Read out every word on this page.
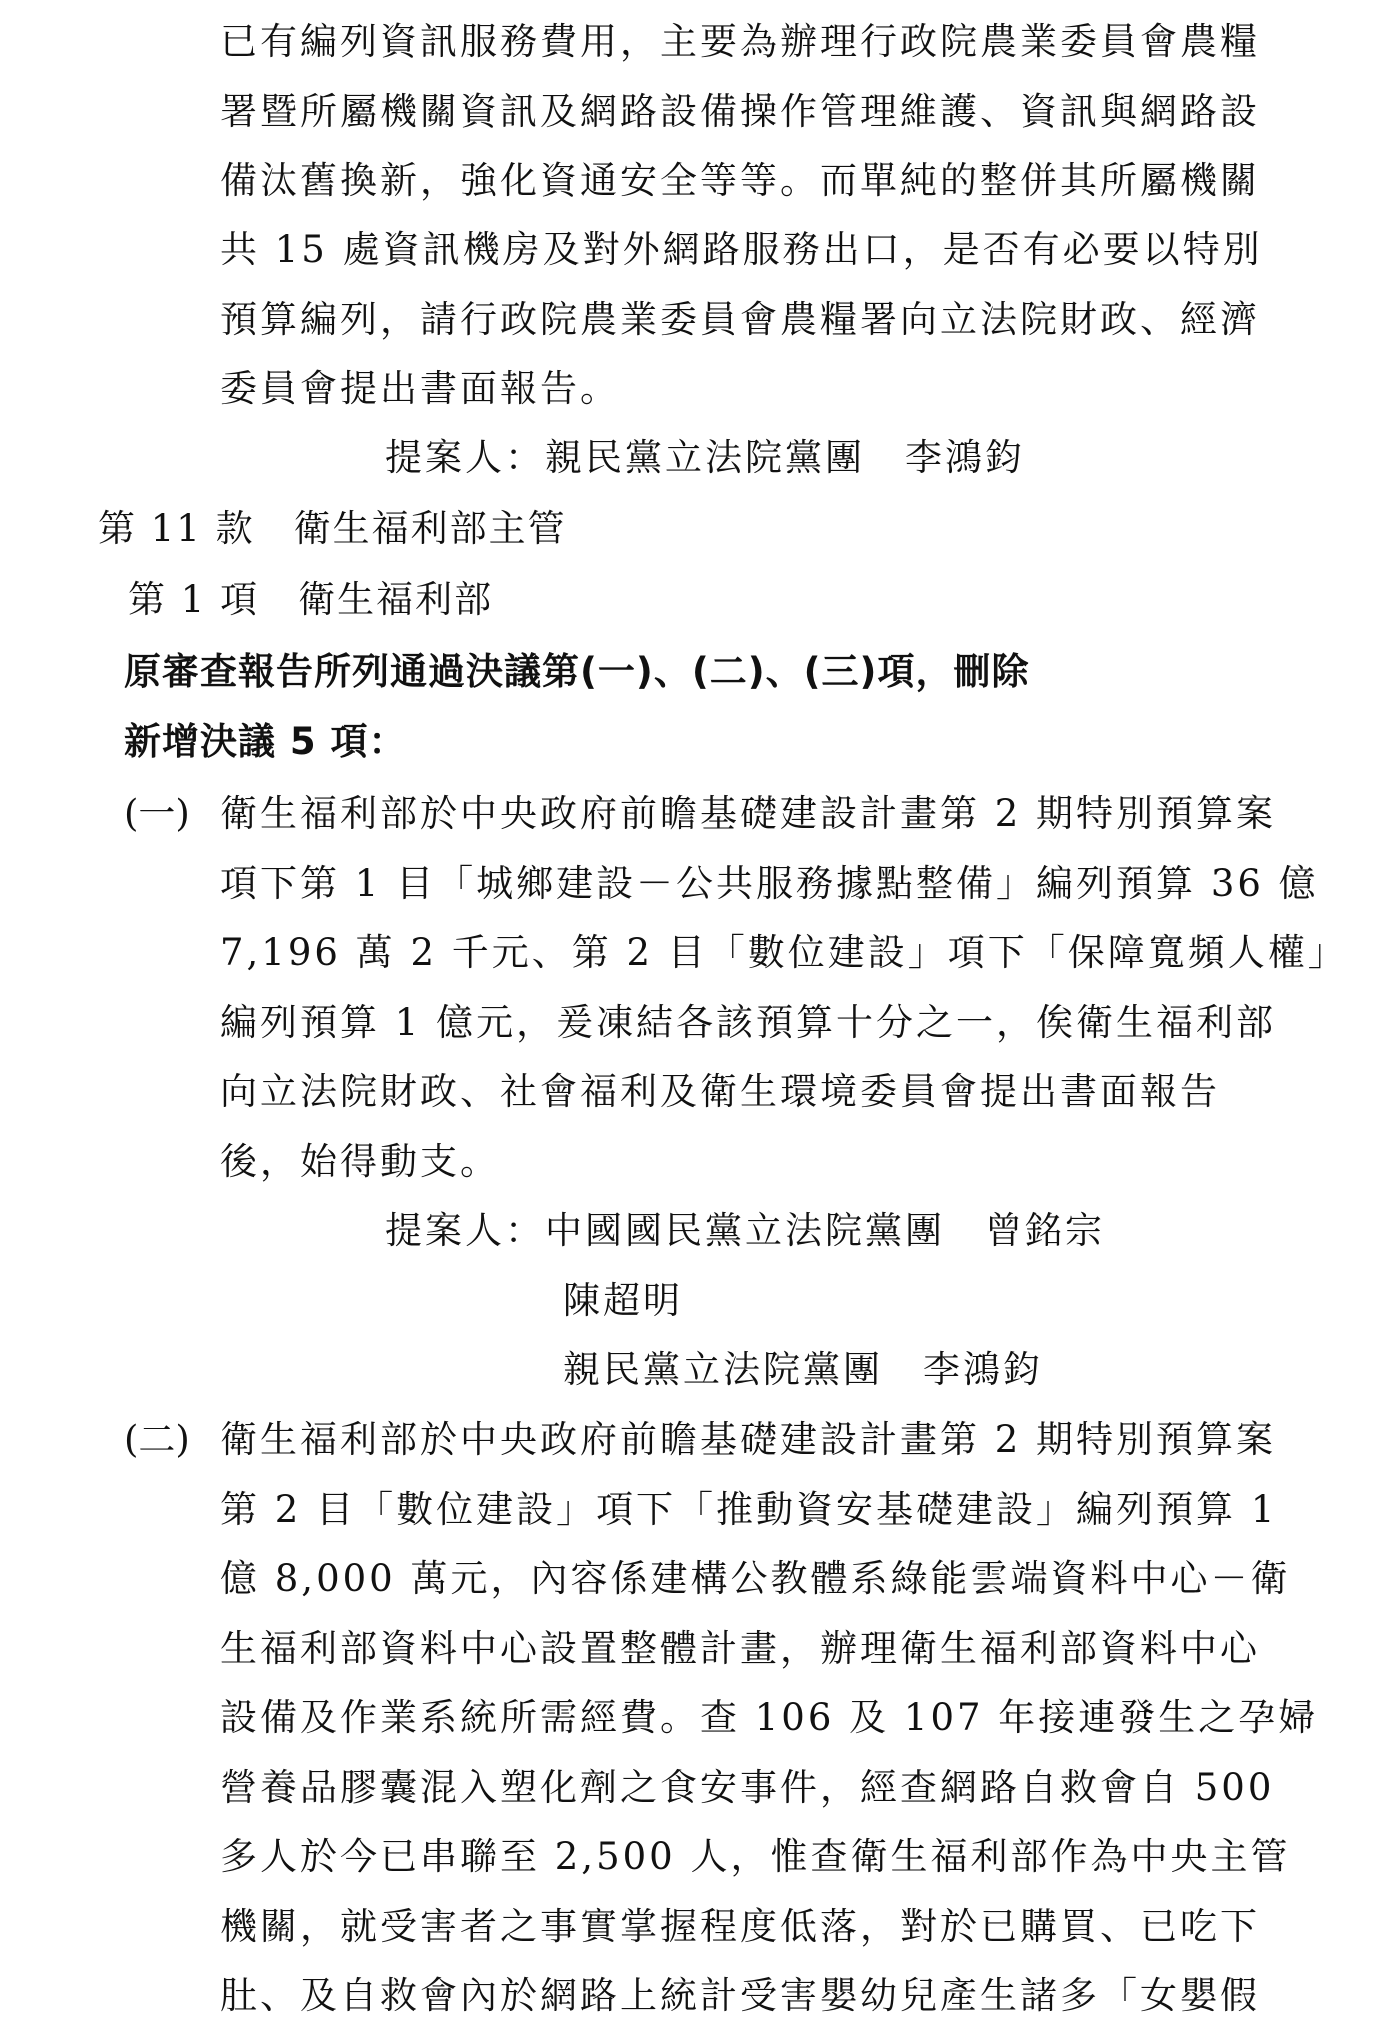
已有編列資訊服務費用，主要為辦理行政院農業委員會農糧
署暨所屬機關資訊及網路設備操作管理維護、資訊與網路設
備汰舊換新，強化資通安全等等。而單純的整併其所屬機關
共 15 處資訊機房及對外網路服務出口，是否有必要以特別
預算編列，請行政院農業委員會農糧署向立法院財政、經濟
委員會提出書面報告。
提案人：親民黨立法院黨團　李鴻鈞
第 11 款　衛生福利部主管
第 1 項　衛生福利部
原審查報告所列通過決議第(一)、(二)、(三)項，刪除
新增決議 5 項：
(一) 衛生福利部於中央政府前瞻基礎建設計畫第 2 期特別預算案
項下第 1 目「城鄉建設－公共服務據點整備」編列預算 36 億
7,196 萬 2 千元、第 2 目「數位建設」項下「保障寬頻人權」
編列預算 1 億元，爰凍結各該預算十分之一，俟衛生福利部
向立法院財政、社會福利及衛生環境委員會提出書面報告
後，始得動支。
提案人：中國國民黨立法院黨團　曾銘宗
陳超明
親民黨立法院黨團　李鴻鈞
(二) 衛生福利部於中央政府前瞻基礎建設計畫第 2 期特別預算案
第 2 目「數位建設」項下「推動資安基礎建設」編列預算 1
億 8,000 萬元，內容係建構公教體系綠能雲端資料中心－衛
生福利部資料中心設置整體計畫，辦理衛生福利部資料中心
設備及作業系統所需經費。查 106 及 107 年接連發生之孕婦
營養品膠囊混入塑化劑之食安事件，經查網路自救會自 500
多人於今已串聯至 2,500 人，惟查衛生福利部作為中央主管
機關，就受害者之事實掌握程度低落，對於已購買、已吃下
肚、及自救會內於網路上統計受害嬰幼兒產生諸多「女嬰假
